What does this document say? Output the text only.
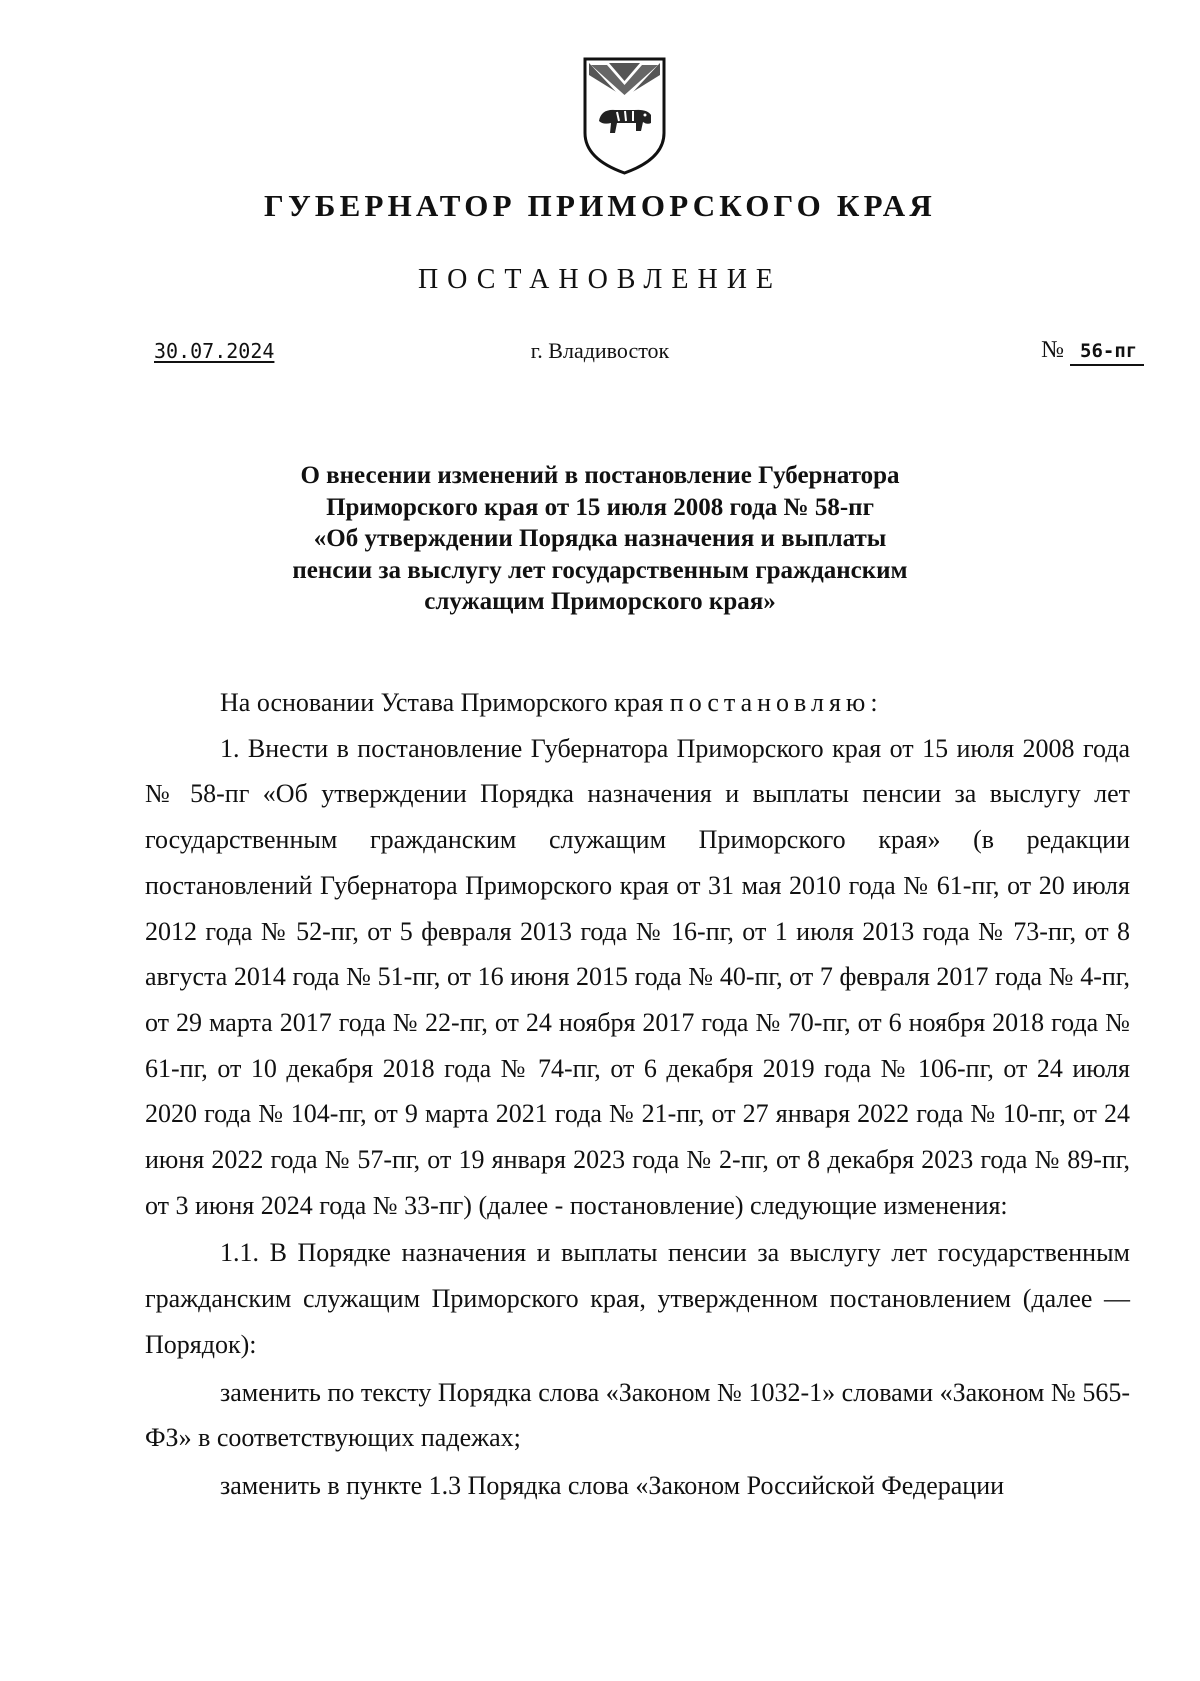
ГУБЕРНАТОР ПРИМОРСКОГО КРАЯ
ПОСТАНОВЛЕНИЕ
30.07.2024	г. Владивосток	№ 56-пг
О внесении изменений в постановление Губернатора
Приморского края от 15 июля 2008 года № 58-пг
«Об утверждении Порядка назначения и выплаты
пенсии за выслугу лет государственным гражданским
служащим Приморского края»

На основании Устава Приморского края постановляю:

1. Внести в постановление Губернатора Приморского края от 15 июля 2008 года № 58-пг «Об утверждении Порядка назначения и выплаты пенсии за выслугу лет государственным гражданским служащим Приморского края» (в редакции постановлений Губернатора Приморского края от 31 мая 2010 года № 61-пг, от 20 июля 2012 года № 52-пг, от 5 февраля 2013 года № 16-пг, от 1 июля 2013 года № 73-пг, от 8 августа 2014 года № 51-пг, от 16 июня 2015 года № 40-пг, от 7 февраля 2017 года № 4-пг, от 29 марта 2017 года № 22-пг, от 24 ноября 2017 года № 70-пг, от 6 ноября 2018 года № 61-пг, от 10 декабря 2018 года № 74-пг, от 6 декабря 2019 года № 106-пг, от 24 июля 2020 года № 104-пг, от 9 марта 2021 года № 21-пг, от 27 января 2022 года № 10-пг, от 24 июня 2022 года № 57-пг, от 19 января 2023 года № 2-пг, от 8 декабря 2023 года № 89-пг, от 3 июня 2024 года № 33-пг) (далее - постановление) следующие изменения:

1.1. В Порядке назначения и выплаты пенсии за выслугу лет государственным гражданским служащим Приморского края, утвержденном постановлением (далее — Порядок):

заменить по тексту Порядка слова «Законом № 1032-1» словами «Законом № 565-ФЗ» в соответствующих падежах;

заменить в пункте 1.3 Порядка слова «Законом Российской Федерации
